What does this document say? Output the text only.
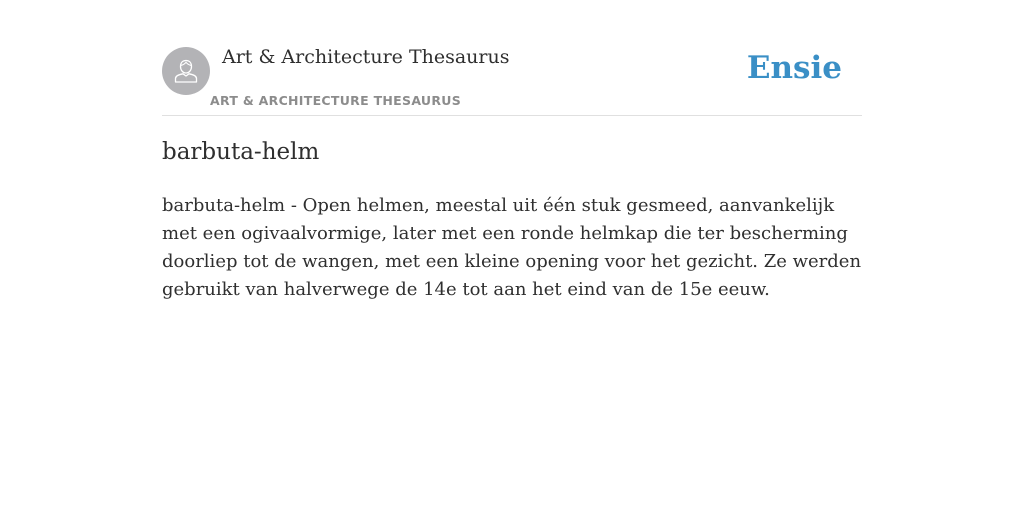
Art & Architecture Thesaurus
ART & ARCHITECTURE THESAURUS
Ensie
barbuta-helm

barbuta-helm - Open helmen, meestal uit één stuk gesmeed, aanvankelijk met een ogivaalvormige, later met een ronde helmkap die ter bescherming doorliep tot de wangen, met een kleine opening voor het gezicht. Ze werden gebruikt van halverwege de 14e tot aan het eind van de 15e eeuw.
